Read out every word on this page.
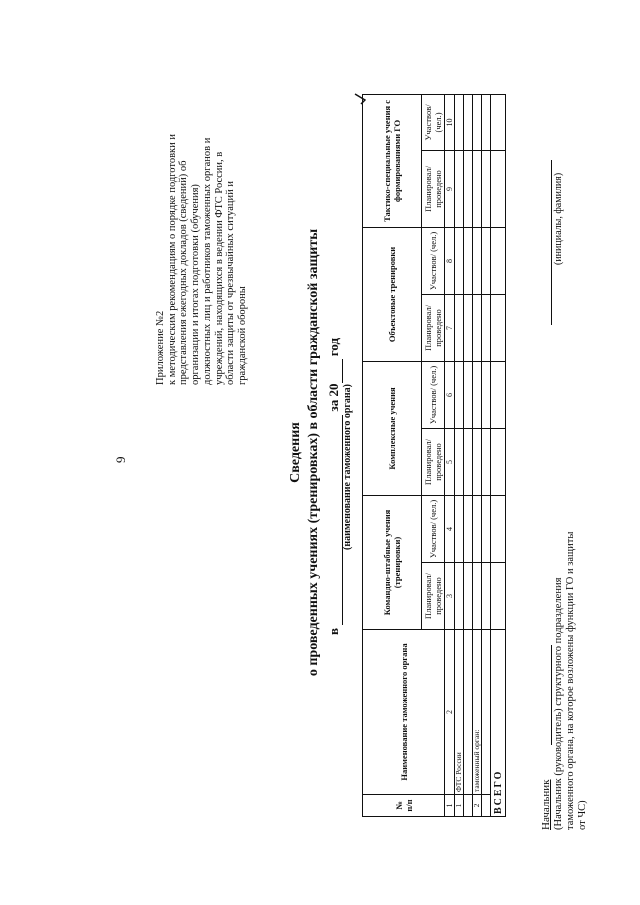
9
Приложение №2 к методическим рекомендациям о порядке подготовки и представления ежегодных докладов (сведений) об организации и итогах подготовки (обучения) должностных лиц и работников таможенных органов и учреждений, находящихся в ведении ФТС России, в области защиты от чрезвычайных ситуаций и гражданской обороны
Сведения о проведенных учениях (тренировках) в области гражданской защиты в   за 20  год
(наименование таможенного органа)
№ п/п	Наименование таможенного органа	Командно-штабные учения (тренировки)		Комплексные учения		Объектовые тренировки		Тактико-специальные учения с формированиями ГО	
		Планировал/ проведено	Участвов/ (чел.)	Планировал/ проведено	Участвов/ (чел.)	Планировал/ проведено	Участвов/ (чел.)	Планировал/ проведено	Участвов/ (чел.)
1	2	3	4	5	6	7	8	9	10
1	ФТС России								

2	таможенный орган:								

ВСЕГО										Начальник
(инициалы, фамилия)
(Начальник (руководитель) структурного подразделения таможенного органа, на которое возложены функции ГО и защиты от ЧС)
